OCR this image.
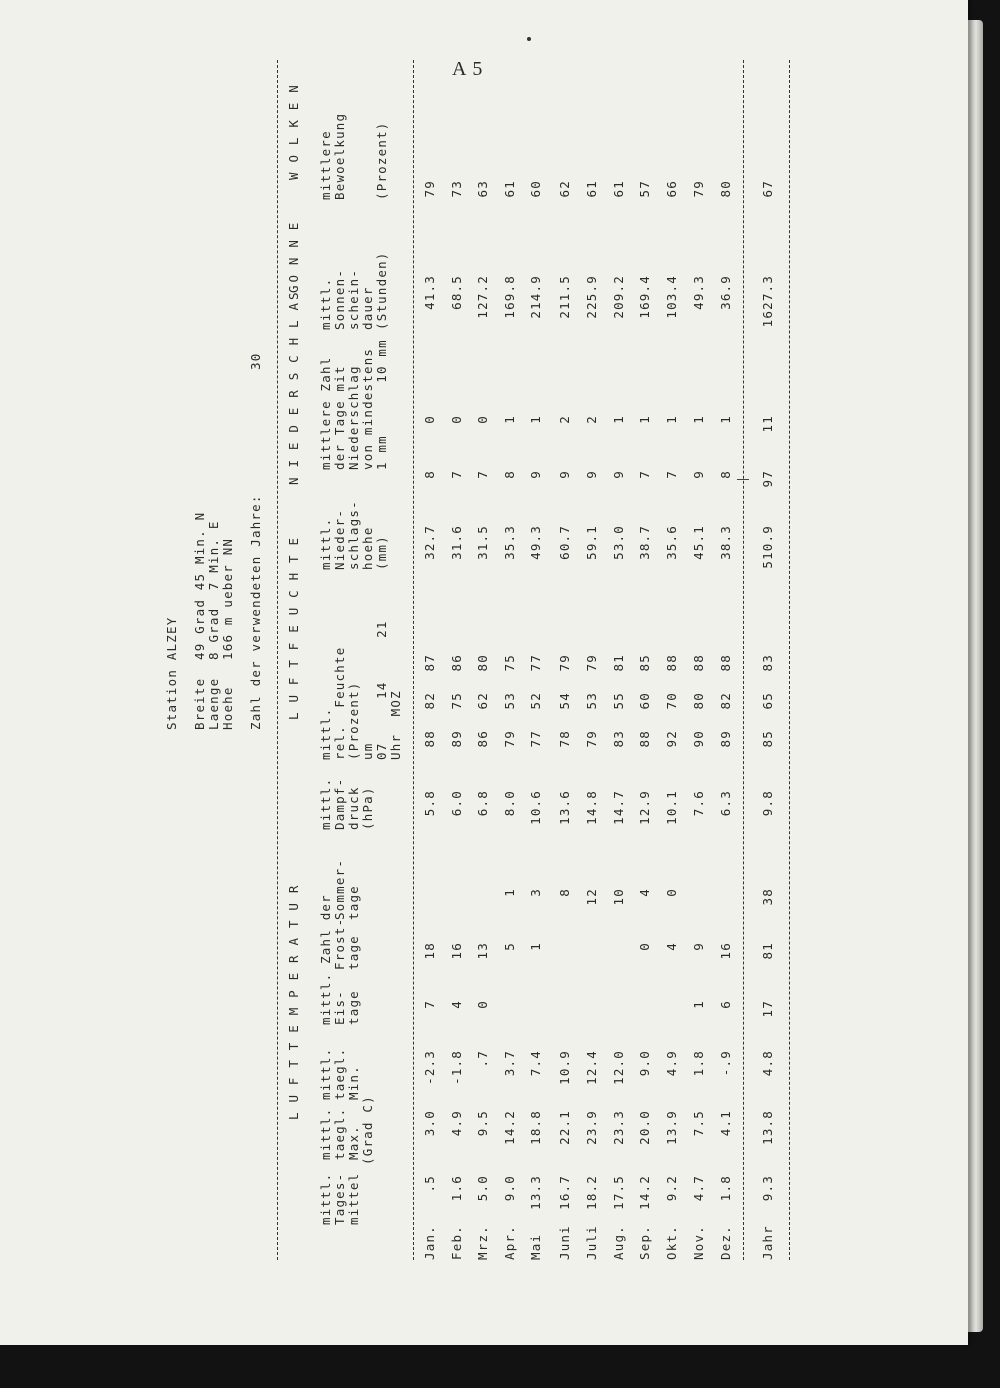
A 5
Station ALZEY Breite
49 Grad 45 Min. N
Laenge
8 Grad  7 Min. E
Hoehe
166 m ueber NN Zahl der verwendeten Jahre:
30
L U F T T E M P E R A T U R
L U F T F E U C H T E
N I E D E R S C H L A G
S O N N E
W O L K E N
mittl. Tages- mittel
mittl. taegl. Max.
mittl. taegl. Min.
(Grad C)
mittl. Zahl der Eis- tage
Frost- tage
Sommer- tage
mittl. Dampf- druck (hPa)
mittl. rel.  Feuchte (Prozent) um 07     14     21 Uhr  MOZ
mittl. Nieder- schlags- hoehe (mm)
mittlere Zahl der Tage mit Niederschlag von mindestens 1 mm      10 mm
mittl. Sonnen- schein- dauer (Stunden)
mittlere Bewoelkung (Prozent)
Jan.
.5
3.0
-2.3
7
18
5.8
88
82
87
32.7
8
0
41.3
79
Feb.
1.6
4.9
-1.8
4
16
6.0
89
75
86
31.6
7
0
68.5
73
Mrz.
5.0
9.5
.7
0
13
6.8
86
62
80
31.5
7
0
127.2
63
Apr.
9.0
14.2
3.7
5
1
8.0
79
53
75
35.3
8
1
169.8
61
Mai
13.3
18.8
7.4
1
3
10.6
77
52
77
49.3
9
1
214.9
60
Juni
16.7
22.1
10.9
8
13.6
78
54
79
60.7
9
2
211.5
62
Juli
18.2
23.9
12.4
12
14.8
79
53
79
59.1
9
2
225.9
61
Aug.
17.5
23.3
12.0
10
14.7
83
55
81
53.0
9
1
209.2
61
Sep.
14.2
20.0
9.0
0
4
12.9
88
60
85
38.7
7
1
169.4
57
Okt.
9.2
13.9
4.9
4
0
10.1
92
70
88
35.6
7
1
103.4
66
Nov.
4.7
7.5
1.8
1
9
7.6
90
80
88
45.1
9
1
49.3
79
Dez.
1.8
4.1
-.9
6
16
6.3
89
82
88
38.3
8
1
36.9
80
Jahr
9.3
13.8
4.8
17
81
38
9.8
85
65
83
510.9
97
11
1627.3
67
